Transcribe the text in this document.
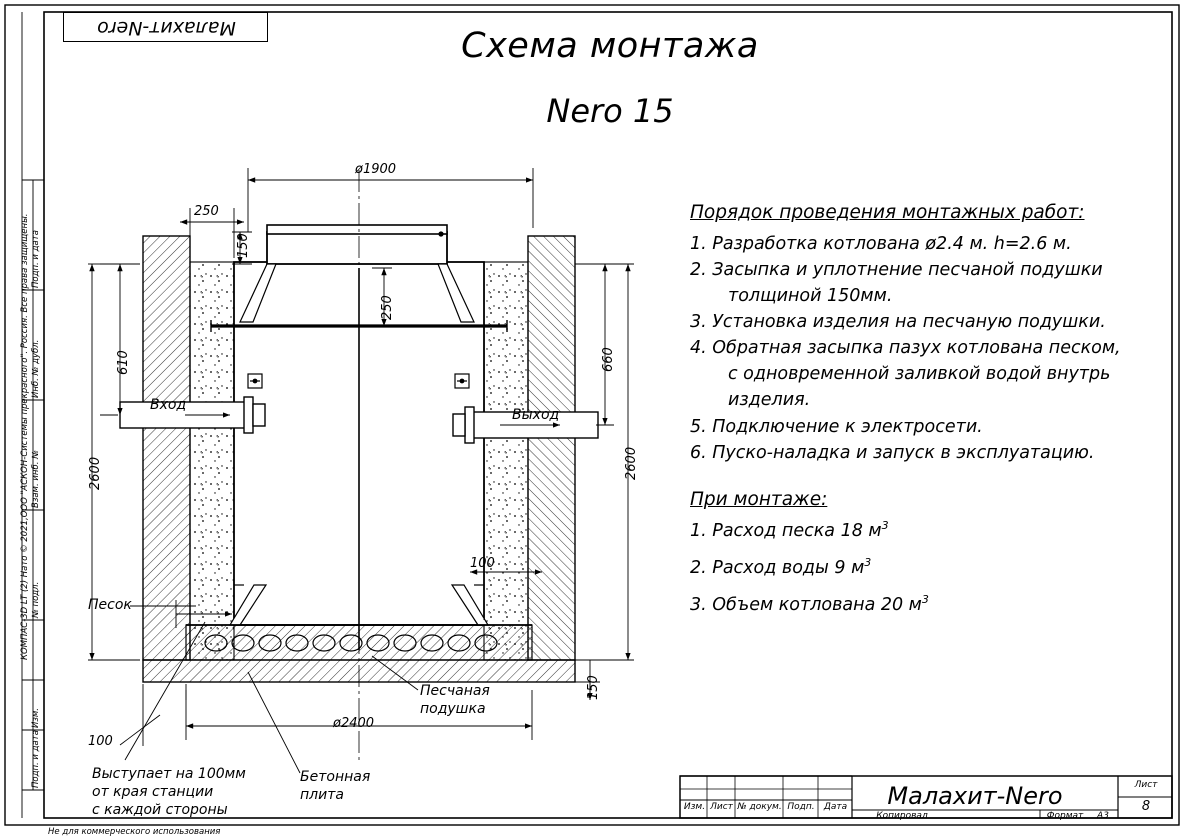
Малахит-Nero	Схема монтажа
Nero 15
Порядок проведения монтажных работ:
1. Разработка котлована ø2.4 м. h=2.6 м.
2. Засыпка и уплотнение песчаной подушки
толщиной 150мм.
3. Установка изделия на песчаную подушки.
4. Обратная засыпка пазух котлована песком,
с одновременной заливкой водой внутрь
изделия.
5. Подключение к электросети.
6. Пуско-наладка и запуск в эксплуатацию.
При монтаже:
1. Расход песка 18 $м^3$
2. Расход воды 9 $м^3$
3. Объем котлована 20 $м^3$
ø1900
250
150
250
610	660
2600	2600
100
150
ø2400
100
Вход
Выход
Песок
Песчаная
подушка
Бетонная
плита
Выступает на 100мм
от края станции
с каждой стороны
КОМПАС-3D LT (2) Нато © 2021,ООО "АСКОН-Системы прекрасного". Россия. Все права защищены. Подп. и дата
Инб. № дубл.
Взам. инб. №
№ подл.
Изм.
Подп. и дата
Не для коммерческого использования
Малахит-Nero
Изм. Лист № докум. Подп.	Дата
Лист
8
Копировал	Формат	А3
